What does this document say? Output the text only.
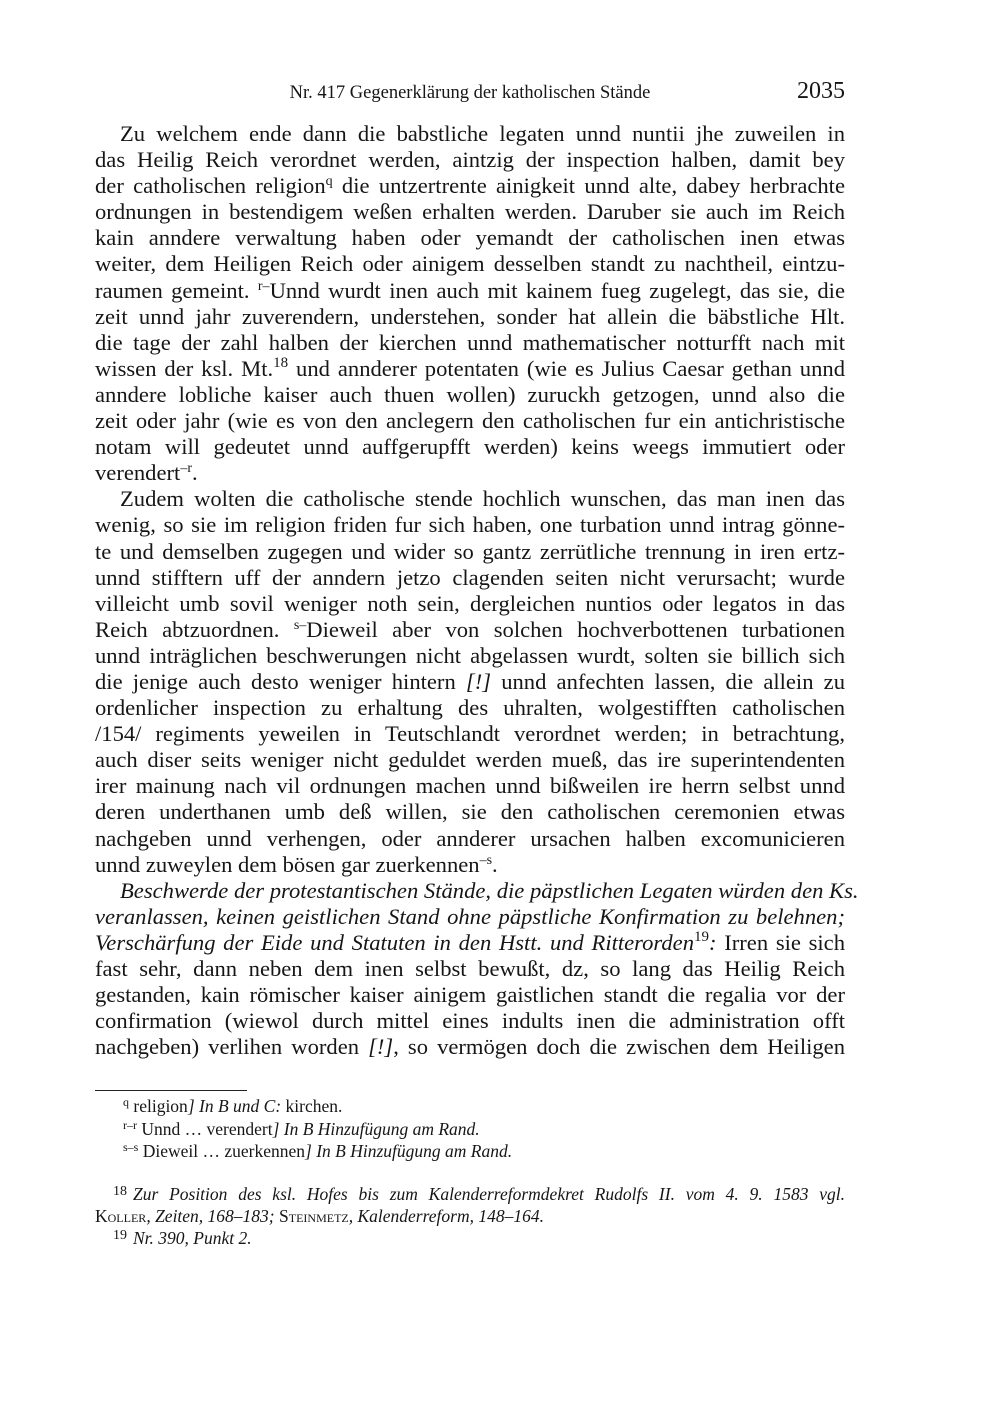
Nr. 417 Gegenerklärung der katholischen Stände	2035
Zu welchem ende dann die babstliche legaten unnd nuntii jhe zuweilen in
das Heilig Reich verordnet werden, aintzig der inspection halben, damit bey
der catholischen religion$^q$ die untzertrente ainigkeit unnd alte, dabey herbrachte
ordnungen in bestendigem weßen erhalten werden. Daruber sie auch im Reich
kain anndere verwaltung haben oder yemandt der catholischen inen etwas
weiter, dem Heiligen Reich oder ainigem desselben standt zu nachtheil, eintzu-
raumen gemeint. $^{r-}$Unnd wurdt inen auch mit kainem fueg zugelegt, das sie, die
zeit unnd jahr zuverendern, understehen, sonder hat allein die bäbstliche Hlt.
die tage der zahl halben der kierchen unnd mathematischer notturfft nach mit
wissen der ksl. Mt.$^{18}$ und annderer potentaten (wie es Julius Caesar gethan unnd
anndere lobliche kaiser auch thuen wollen) zuruckh getzogen, unnd also die
zeit oder jahr (wie es von den anclegern den catholischen fur ein antichristische
notam will gedeutet unnd auffgerupfft werden) keins weegs immutiert oder
verendert$^{-r}$.
Zudem wolten die catholische stende hochlich wunschen, das man inen das
wenig, so sie im religion friden fur sich haben, one turbation unnd intrag gönne-
te und demselben zugegen und wider so gantz zerrütliche trennung in iren ertz-
unnd stifftern uff der anndern jetzo clagenden seiten nicht verursacht; wurde
villeicht umb sovil weniger noth sein, dergleichen nuntios oder legatos in das
Reich abtzuordnen. $^{s-}$Dieweil aber von solchen hochverbottenen turbationen
unnd inträglichen beschwerungen nicht abgelassen wurdt, solten sie billich sich
die jenige auch desto weniger hintern [!] unnd anfechten lassen, die allein zu
ordenlicher inspection zu erhaltung des uhralten, wolgestifften catholischen
/154/ regiments yeweilen in Teutschlandt verordnet werden; in betrachtung,
auch diser seits weniger nicht geduldet werden mueß, das ire superintendenten
irer mainung nach vil ordnungen machen unnd bißweilen ire herrn selbst unnd
deren underthanen umb deß willen, sie den catholischen ceremonien etwas
nachgeben unnd verhengen, oder annderer ursachen halben excomunicieren
unnd zuweylen dem bösen gar zuerkennen$^{-s}$.
Beschwerde der protestantischen Stände, die päpstlichen Legaten würden den Ks.
veranlassen, keinen geistlichen Stand ohne päpstliche Konfirmation zu belehnen;
Verschärfung der Eide und Statuten in den Hstt. und Ritterorden$^{19}$: Irren sie sich
fast sehr, dann neben dem inen selbst bewußt, dz, so lang das Heilig Reich
gestanden, kain römischer kaiser ainigem gaistlichen standt die regalia vor der
confirmation (wiewol durch mittel eines indults inen die administration offt
nachgeben) verlihen worden [!], so vermögen doch die zwischen dem Heiligen
$^q$ religion] In B und C: kirchen.
$^{r-r}$ Unnd … verendert] In B Hinzufügung am Rand.
$^{s-s}$ Dieweil … zuerkennen] In B Hinzufügung am Rand.
$^{18}$ Zur Position des ksl. Hofes bis zum Kalenderreformdekret Rudolfs II. vom 4. 9. 1583 vgl.
Koller, Zeiten, 168–183; Steinmetz, Kalenderreform, 148–164.
$^{19}$ Nr. 390, Punkt 2.
